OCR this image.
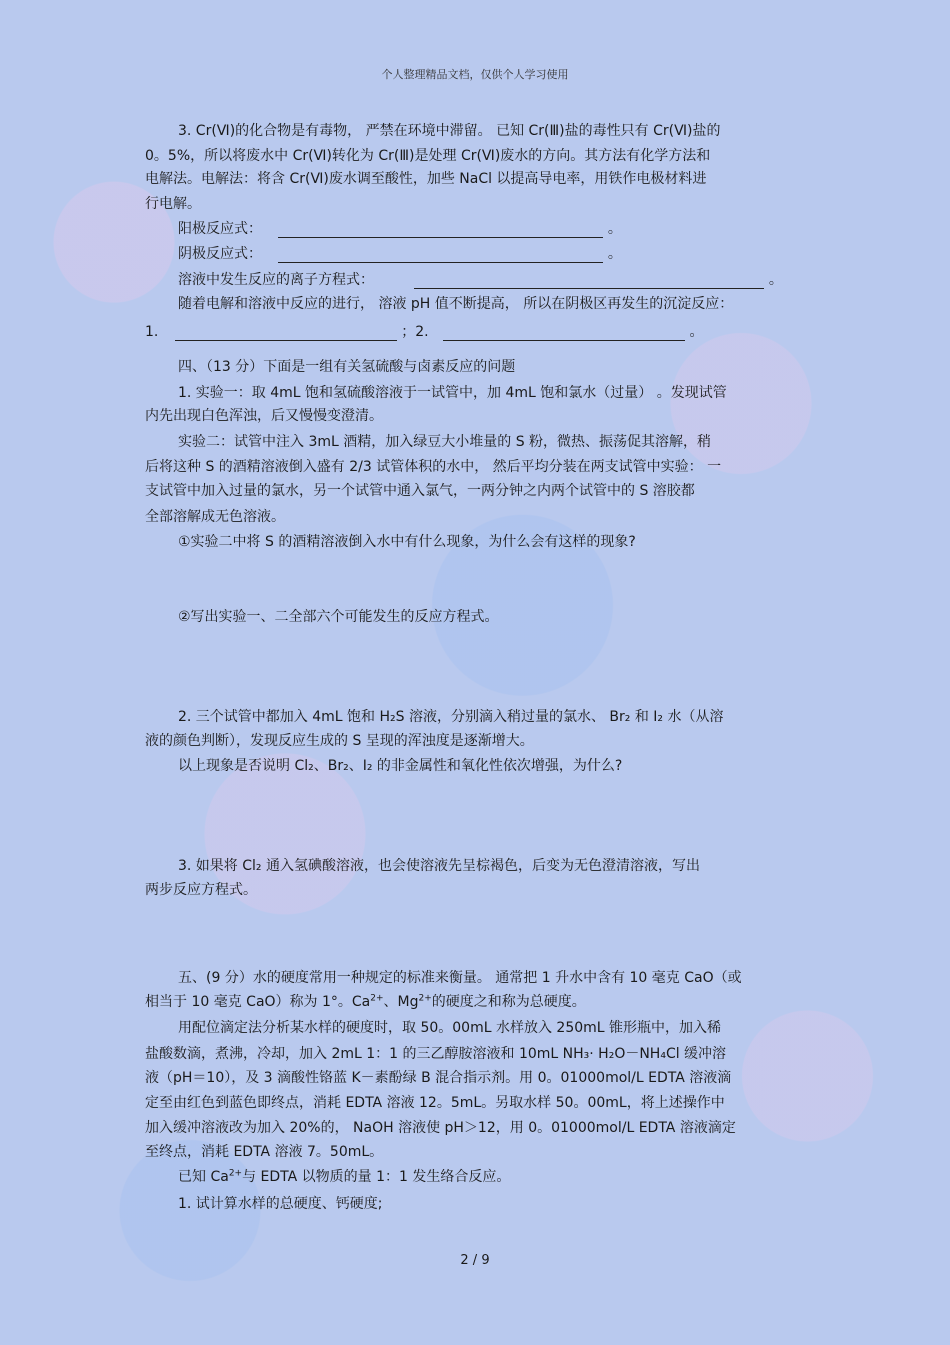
个人整理精品文档，仅供个人学习使用
3. Cr(Ⅵ)的化合物是有毒物， 严禁在环境中滞留。 已知 Cr(Ⅲ)盐的毒性只有 Cr(Ⅵ)盐的
0。5%，所以将废水中 Cr(Ⅵ)转化为 Cr(Ⅲ)是处理 Cr(Ⅵ)废水的方向。其方法有化学方法和
电解法。电解法：将含 Cr(Ⅵ)废水调至酸性，加些 NaCl 以提高导电率，用铁作电极材料进
行电解。
阳极反应式：	。
阴极反应式：	。
溶液中发生反应的离子方程式：	。
随着电解和溶液中反应的进行， 溶液 pH 值不断提高， 所以在阴极区再发生的沉淀反应：
1.	；2.	。
四、（13 分）下面是一组有关氢硫酸与卤素反应的问题
1. 实验一：取 4mL 饱和氢硫酸溶液于一试管中，加 4mL 饱和氯水（过量） 。发现试管
内先出现白色浑浊，后又慢慢变澄清。
实验二：试管中注入 3mL 酒精，加入绿豆大小堆量的 S 粉，微热、振荡促其溶解，稍
后将这种 S 的酒精溶液倒入盛有 2/3 试管体积的水中， 然后平均分装在两支试管中实验： 一
支试管中加入过量的氯水，另一个试管中通入氯气，一两分钟之内两个试管中的 S 溶胶都
全部溶解成无色溶液。
①实验二中将 S 的酒精溶液倒入水中有什么现象，为什么会有这样的现象?
②写出实验一、二全部六个可能发生的反应方程式。
2. 三个试管中都加入 4mL 饱和 H₂S 溶液，分别滴入稍过量的氯水、 Br₂ 和 I₂ 水（从溶
液的颜色判断），发现反应生成的 S 呈现的浑浊度是逐渐增大。
以上现象是否说明 Cl₂、Br₂、I₂ 的非金属性和氧化性依次增强，为什么?
3. 如果将 Cl₂ 通入氢碘酸溶液，也会使溶液先呈棕褐色，后变为无色澄清溶液，写出
两步反应方程式。
五、(9 分）水的硬度常用一种规定的标准来衡量。 通常把 1 升水中含有 10 毫克 CaO（或
相当于 10 毫克 CaO）称为 1°。$Ca^{2+}$、$Mg^{2+}$的硬度之和称为总硬度。
用配位滴定法分析某水样的硬度时，取 50。00mL 水样放入 250mL 锥形瓶中，加入稀
盐酸数滴，煮沸，冷却，加入 2mL 1：1 的三乙醇胺溶液和 10mL NH₃· H₂O－NH₄Cl 缓冲溶
液（pH＝10），及 3 滴酸性铬蓝 K－素酚绿 B 混合指示剂。用 0。01000mol/L EDTA 溶液滴
定至由红色到蓝色即终点，消耗 EDTA 溶液 12。5mL。另取水样 50。00mL，将上述操作中
加入缓冲溶液改为加入 20%的， NaOH 溶液使 pH＞12，用 0。01000mol/L EDTA 溶液滴定
至终点，消耗 EDTA 溶液 7。50mL。
已知 $Ca^{2+}$与 EDTA 以物质的量 1：1 发生络合反应。
1. 试计算水样的总硬度、钙硬度;
2 / 9
